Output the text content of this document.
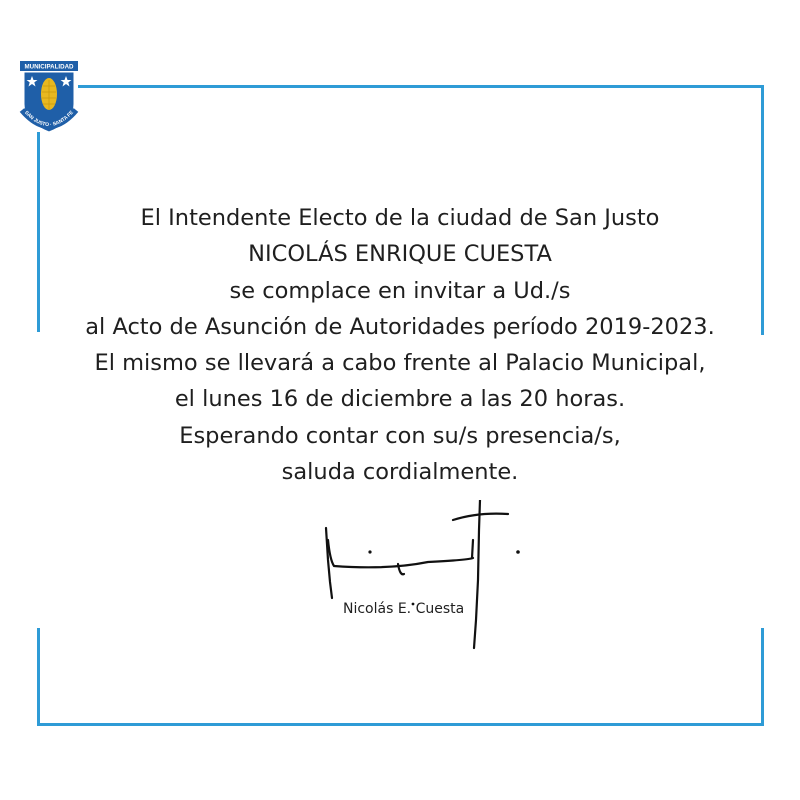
MUNICIPALIDAD
SAN JUSTO · SANTA FE
El Intendente Electo de la ciudad de San Justo
NICOLÁS ENRIQUE CUESTA
se complace en invitar a Ud./s
al Acto de Asunción de Autoridades período 2019-2023.
El mismo se llevará a cabo frente al Palacio Municipal,
el lunes 16 de diciembre a las 20 horas.
Esperando contar con su/s presencia/s,
saluda cordialmente.
Nicolás E. Cuesta
